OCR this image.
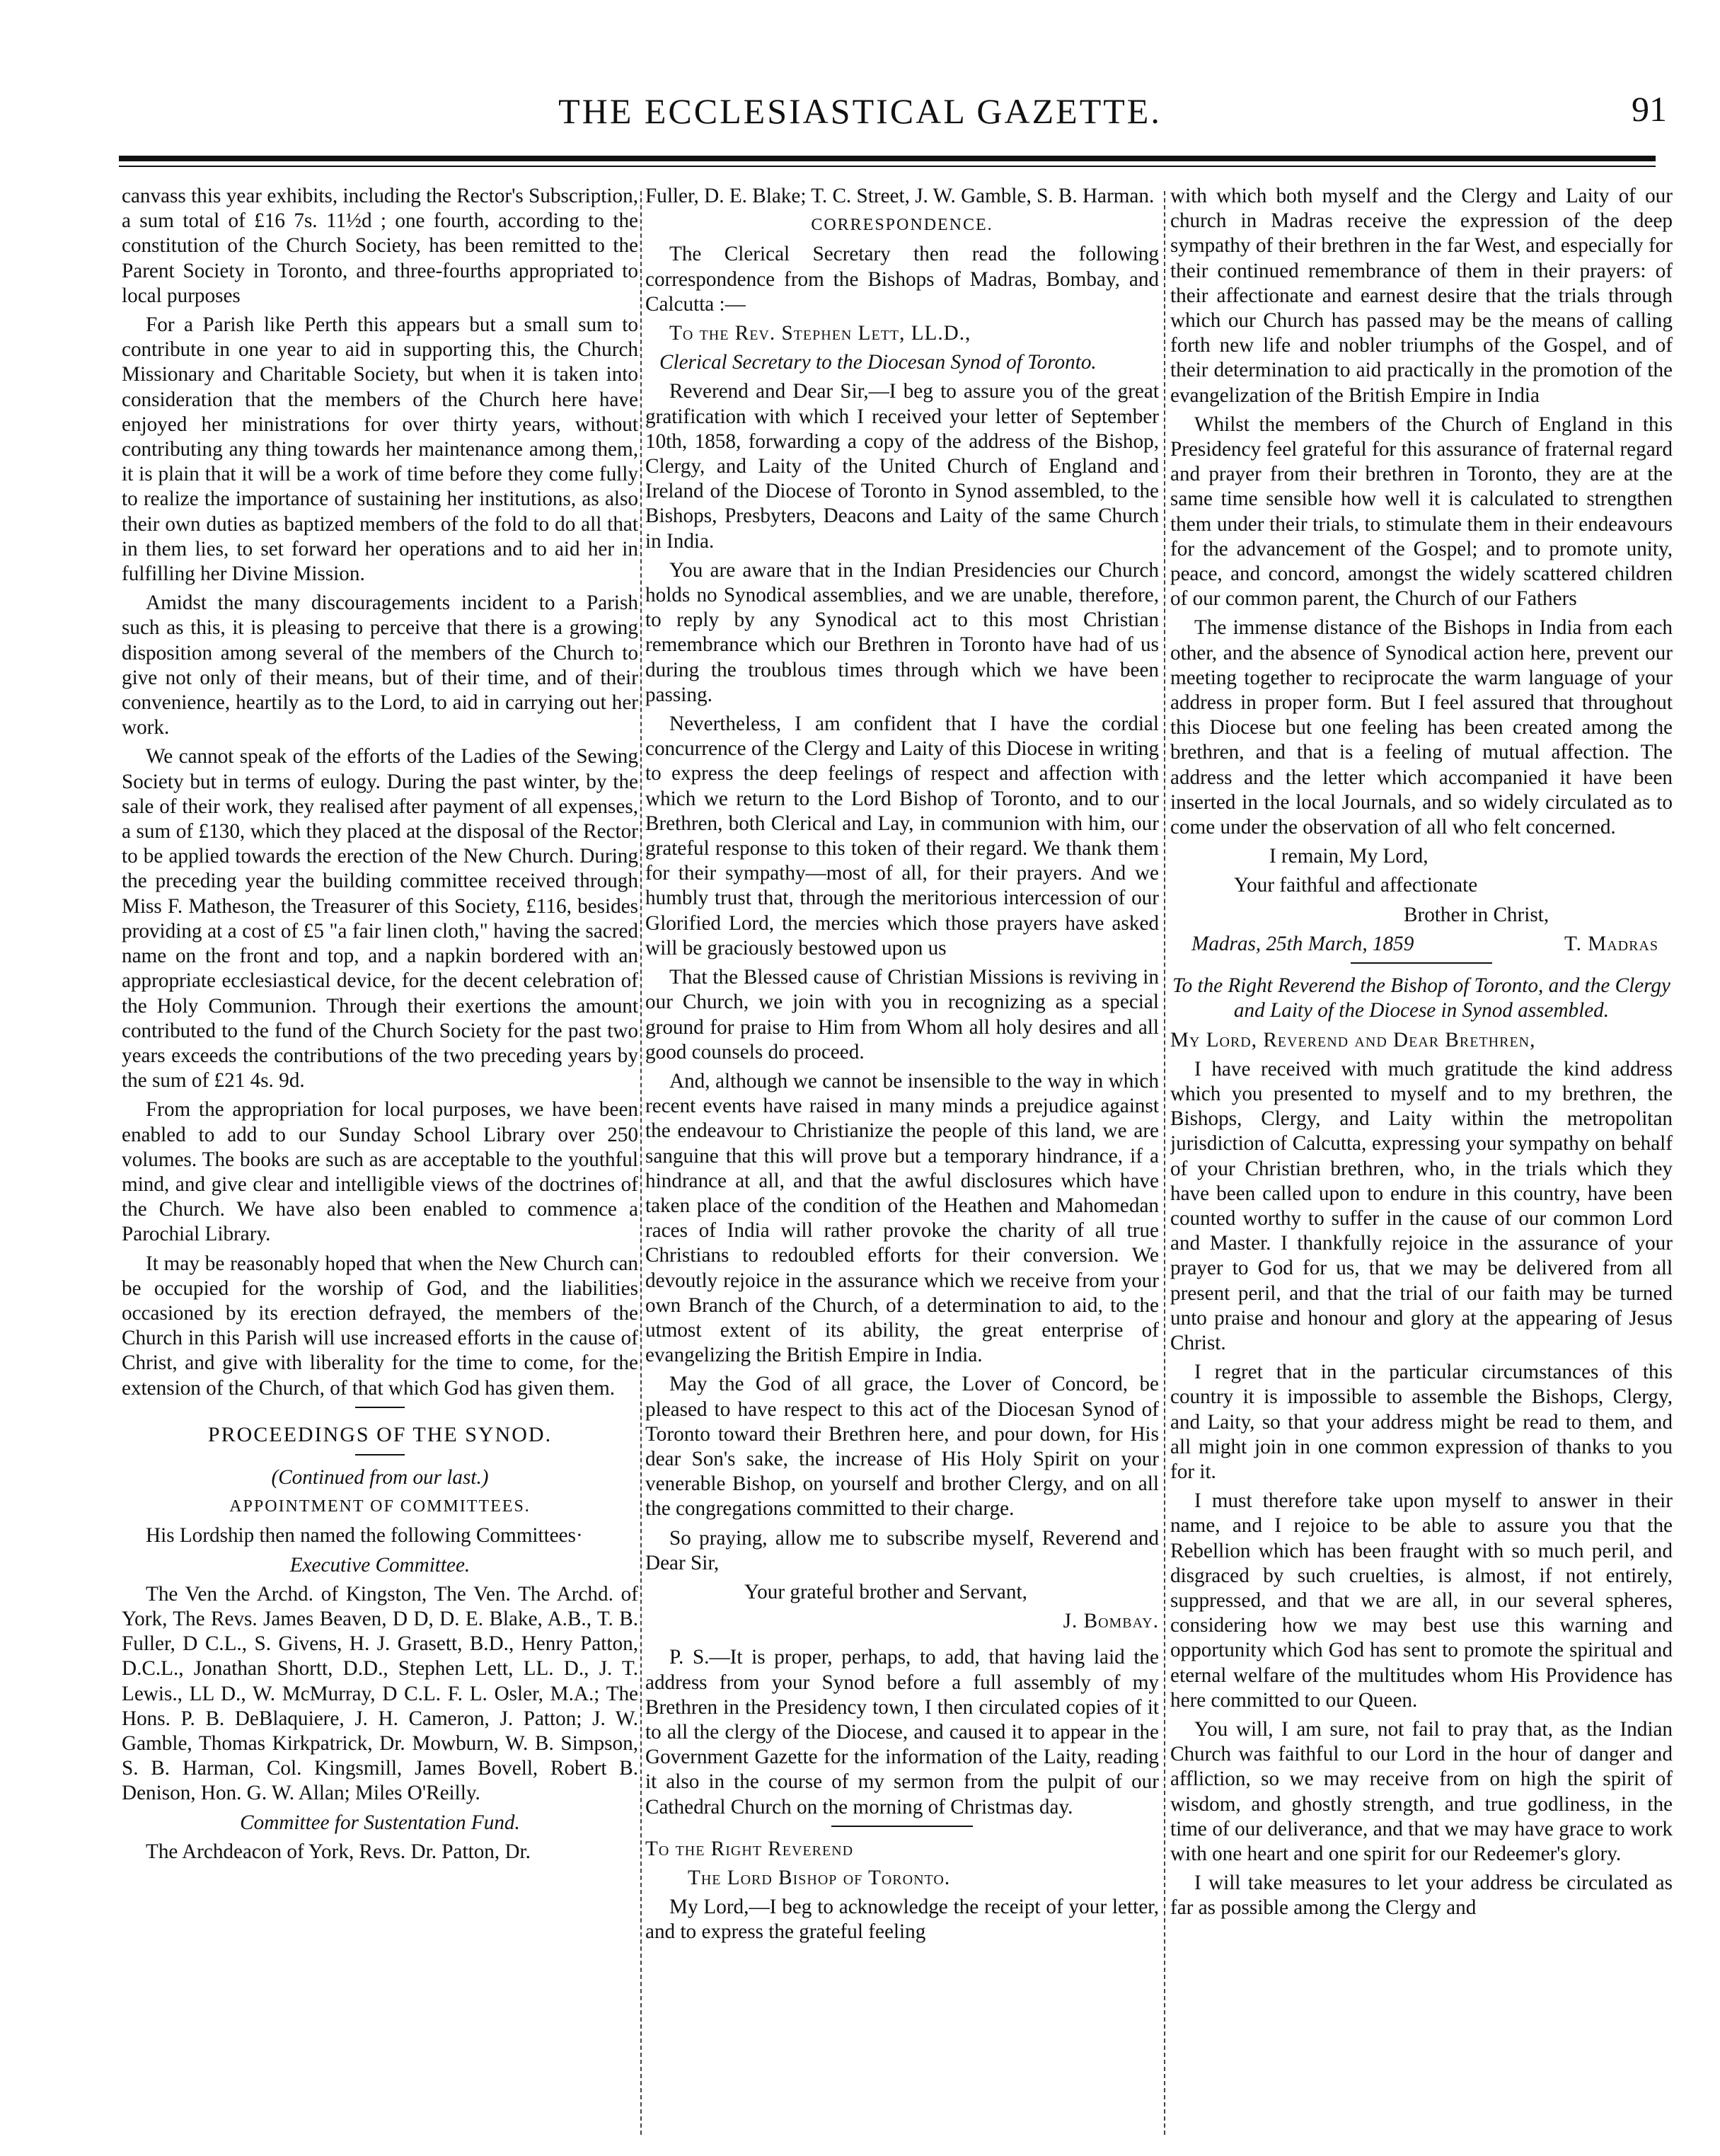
THE ECCLESIASTICAL GAZETTE.	91

canvass this year exhibits, including the Rector's Subscription, a sum total of £16 7s. 11½d ; one fourth, according to the constitution of the Church Society, has been remitted to the Parent Society in Toronto, and three-fourths appropriated to local purposes

For a Parish like Perth this appears but a small sum to contribute in one year to aid in supporting this, the Church Missionary and Charitable Society, but when it is taken into consideration that the members of the Church here have enjoyed her ministrations for over thirty years, without contributing any thing towards her maintenance among them, it is plain that it will be a work of time before they come fully to realize the importance of sustaining her institutions, as also their own duties as baptized members of the fold to do all that in them lies, to set forward her operations and to aid her in fulfilling her Divine Mission.

Amidst the many discouragements incident to a Parish such as this, it is pleasing to perceive that there is a growing disposition among several of the members of the Church to give not only of their means, but of their time, and of their convenience, heartily as to the Lord, to aid in carrying out her work.

We cannot speak of the efforts of the Ladies of the Sewing Society but in terms of eulogy. During the past winter, by the sale of their work, they realised after payment of all expenses, a sum of £130, which they placed at the disposal of the Rector to be applied towards the erection of the New Church. During the preceding year the building committee received through Miss F. Matheson, the Treasurer of this Society, £116, besides providing at a cost of £5 "a fair linen cloth," having the sacred name on the front and top, and a napkin bordered with an appropriate ecclesiastical device, for the decent celebration of the Holy Communion. Through their exertions the amount contributed to the fund of the Church Society for the past two years exceeds the contributions of the two preceding years by the sum of £21 4s. 9d.

From the appropriation for local purposes, we have been enabled to add to our Sunday School Library over 250 volumes. The books are such as are acceptable to the youthful mind, and give clear and intelligible views of the doctrines of the Church. We have also been enabled to commence a Parochial Library.

It may be reasonably hoped that when the New Church can be occupied for the worship of God, and the liabilities occasioned by its erection defrayed, the members of the Church in this Parish will use increased efforts in the cause of Christ, and give with liberality for the time to come, for the extension of the Church, of that which God has given them.

PROCEEDINGS OF THE SYNOD.

(Continued from our last.)

APPOINTMENT OF COMMITTEES.

His Lordship then named the following Committees·

Executive Committee.

The Ven the Archd. of Kingston, The Ven. The Archd. of York, The Revs. James Beaven, D D, D. E. Blake, A.B., T. B. Fuller, D C.L., S. Givens, H. J. Grasett, B.D., Henry Patton, D.C.L., Jonathan Shortt, D.D., Stephen Lett, LL. D., J. T. Lewis., LL D., W. McMurray, D C.L. F. L. Osler, M.A.; The Hons. P. B. DeBlaquiere, J. H. Cameron, J. Patton; J. W. Gamble, Thomas Kirkpatrick, Dr. Mowburn, W. B. Simpson, S. B. Harman, Col. Kingsmill, James Bovell, Robert B. Denison, Hon. G. W. Allan; Miles O'Reilly.

Committee for Sustentation Fund.

The Archdeacon of York, Revs. Dr. Patton, Dr.

Fuller, D. E. Blake; T. C. Street, J. W. Gamble, S. B. Harman.

CORRESPONDENCE.

The Clerical Secretary then read the following correspondence from the Bishops of Madras, Bombay, and Calcutta :—

To the Rev. Stephen Lett, LL.D.,

Clerical Secretary to the Diocesan Synod of Toronto.

Reverend and Dear Sir,—I beg to assure you of the great gratification with which I received your letter of September 10th, 1858, forwarding a copy of the address of the Bishop, Clergy, and Laity of the United Church of England and Ireland of the Diocese of Toronto in Synod assembled, to the Bishops, Presbyters, Deacons and Laity of the same Church in India.

You are aware that in the Indian Presidencies our Church holds no Synodical assemblies, and we are unable, therefore, to reply by any Synodical act to this most Christian remembrance which our Brethren in Toronto have had of us during the troublous times through which we have been passing.

Nevertheless, I am confident that I have the cordial concurrence of the Clergy and Laity of this Diocese in writing to express the deep feelings of respect and affection with which we return to the Lord Bishop of Toronto, and to our Brethren, both Clerical and Lay, in communion with him, our grateful response to this token of their regard. We thank them for their sympathy—most of all, for their prayers. And we humbly trust that, through the meritorious intercession of our Glorified Lord, the mercies which those prayers have asked will be graciously bestowed upon us

That the Blessed cause of Christian Missions is reviving in our Church, we join with you in recognizing as a special ground for praise to Him from Whom all holy desires and all good counsels do proceed.

And, although we cannot be insensible to the way in which recent events have raised in many minds a prejudice against the endeavour to Christianize the people of this land, we are sanguine that this will prove but a temporary hindrance, if a hindrance at all, and that the awful disclosures which have taken place of the condition of the Heathen and Mahomedan races of India will rather provoke the charity of all true Christians to redoubled efforts for their conversion. We devoutly rejoice in the assurance which we receive from your own Branch of the Church, of a determination to aid, to the utmost extent of its ability, the great enterprise of evangelizing the British Empire in India.

May the God of all grace, the Lover of Concord, be pleased to have respect to this act of the Diocesan Synod of Toronto toward their Brethren here, and pour down, for His dear Son's sake, the increase of His Holy Spirit on your venerable Bishop, on yourself and brother Clergy, and on all the congregations committed to their charge.

So praying, allow me to subscribe myself, Reverend and Dear Sir,

Your grateful brother and Servant,

J. Bombay.

P. S.—It is proper, perhaps, to add, that having laid the address from your Synod before a full assembly of my Brethren in the Presidency town, I then circulated copies of it to all the clergy of the Diocese, and caused it to appear in the Government Gazette for the information of the Laity, reading it also in the course of my sermon from the pulpit of our Cathedral Church on the morning of Christmas day.

To the Right Reverend

The Lord Bishop of Toronto.

My Lord,—I beg to acknowledge the receipt of your letter, and to express the grateful feeling

with which both myself and the Clergy and Laity of our church in Madras receive the expression of the deep sympathy of their brethren in the far West, and especially for their continued remembrance of them in their prayers: of their affectionate and earnest desire that the trials through which our Church has passed may be the means of calling forth new life and nobler triumphs of the Gospel, and of their determination to aid practically in the promotion of the evangelization of the British Empire in India

Whilst the members of the Church of England in this Presidency feel grateful for this assurance of fraternal regard and prayer from their brethren in Toronto, they are at the same time sensible how well it is calculated to strengthen them under their trials, to stimulate them in their endeavours for the advancement of the Gospel; and to promote unity, peace, and concord, amongst the widely scattered children of our common parent, the Church of our Fathers

The immense distance of the Bishops in India from each other, and the absence of Synodical action here, prevent our meeting together to reciprocate the warm language of your address in proper form. But I feel assured that throughout this Diocese but one feeling has been created among the brethren, and that is a feeling of mutual affection. The address and the letter which accompanied it have been inserted in the local Journals, and so widely circulated as to come under the observation of all who felt concerned.

I remain, My Lord,

Your faithful and affectionate

Brother in Christ,

Madras, 25th March, 1859	T. Madras

To the Right Reverend the Bishop of Toronto, and the Clergy and Laity of the Diocese in Synod assembled.

My Lord, Reverend and Dear Brethren,

I have received with much gratitude the kind address which you presented to myself and to my brethren, the Bishops, Clergy, and Laity within the metropolitan jurisdiction of Calcutta, expressing your sympathy on behalf of your Christian brethren, who, in the trials which they have been called upon to endure in this country, have been counted worthy to suffer in the cause of our common Lord and Master. I thankfully rejoice in the assurance of your prayer to God for us, that we may be delivered from all present peril, and that the trial of our faith may be turned unto praise and honour and glory at the appearing of Jesus Christ.

I regret that in the particular circumstances of this country it is impossible to assemble the Bishops, Clergy, and Laity, so that your address might be read to them, and all might join in one common expression of thanks to you for it.

I must therefore take upon myself to answer in their name, and I rejoice to be able to assure you that the Rebellion which has been fraught with so much peril, and disgraced by such cruelties, is almost, if not entirely, suppressed, and that we are all, in our several spheres, considering how we may best use this warning and opportunity which God has sent to promote the spiritual and eternal welfare of the multitudes whom His Providence has here committed to our Queen.

You will, I am sure, not fail to pray that, as the Indian Church was faithful to our Lord in the hour of danger and affliction, so we may receive from on high the spirit of wisdom, and ghostly strength, and true godliness, in the time of our deliverance, and that we may have grace to work with one heart and one spirit for our Redeemer's glory.

I will take measures to let your address be circulated as far as possible among the Clergy and
